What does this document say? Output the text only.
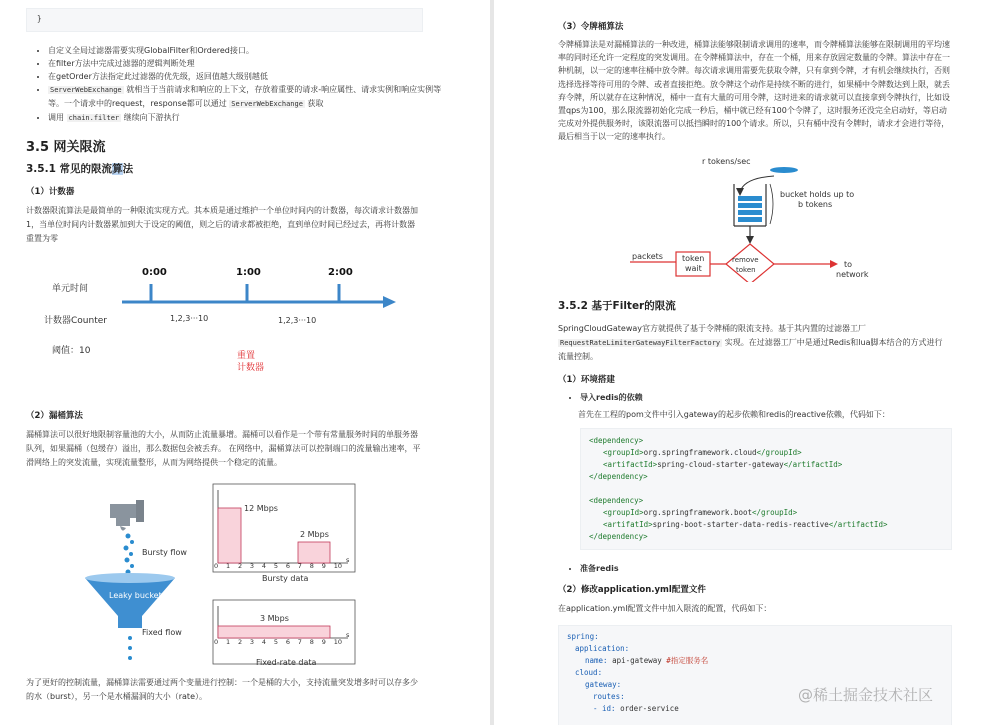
}
• 自定义全局过滤器需要实现GlobalFilter和Ordered接口。
• 在filter方法中完成过滤器的逻辑判断处理
• 在getOrder方法指定此过滤器的优先级，返回值越大级别越低
• ServerWebExchange 就相当于当前请求和响应的上下文，存放着重要的请求-响应属性、请求实例和响应实例等等。一个请求中的request，response都可以通过 ServerWebExchange 获取
• 调用 chain.filter 继续向下游执行
3.5 网关限流
3.5.1 常见的限流算法
（1）计数器
计数器限流算法是最简单的一种限流实现方式。其本质是通过维护一个单位时间内的计数器，每次请求计数器加1，当单位时间内计数器累加到大于设定的阈值，则之后的请求都被拒绝，直到单位时间已经过去，再将计数器重置为零
0:00	1:00	2:00
单元时间
计数器Counter
阈值：10
1,2,3···10	1,2,3···10
重置
计数器
（2）漏桶算法
漏桶算法可以很好地限制容量池的大小，从而防止流量暴增。漏桶可以看作是一个带有常量服务时间的单服务器队列，如果漏桶（包缓存）溢出，那么数据包会被丢弃。 在网络中，漏桶算法可以控制端口的流量输出速率，平滑网络上的突发流量，实现流量整形，从而为网络提供一个稳定的流量。
Bursty flow
Leaky bucket
Fixed flow
12 Mbps
2 Mbps
3 Mbps
0 1 2 3 4 5 6 7 8 9 10
s
Bursty data
0 1 2 3 4 5 6 7 8 9 10
s
Fixed-rate data
为了更好的控制流量，漏桶算法需要通过两个变量进行控制：一个是桶的大小，支持流量突发增多时可以存多少的水（burst），另一个是水桶漏洞的大小（rate）。
（3）令牌桶算法
令牌桶算法是对漏桶算法的一种改进，桶算法能够限制请求调用的速率，而令牌桶算法能够在限制调用的平均速率的同时还允许一定程度的突发调用。在令牌桶算法中，存在一个桶，用来存放固定数量的令牌。算法中存在一种机制，以一定的速率往桶中放令牌。每次请求调用需要先获取令牌，只有拿到令牌，才有机会继续执行，否则选择选择等待可用的令牌、或者直接拒绝。放令牌这个动作是持续不断的进行，如果桶中令牌数达到上限，就丢弃令牌，所以就存在这种情况，桶中一直有大量的可用令牌，这时进来的请求就可以直接拿到令牌执行，比如设置qps为100，那么限流器初始化完成一秒后，桶中就已经有100个令牌了，这时服务还没完全启动好，等启动完成对外提供服务时，该限流器可以抵挡瞬时的100个请求。所以，只有桶中没有令牌时，请求才会进行等待，最后相当于以一定的速率执行。
r tokens/sec
bucket holds up to
b tokens
packets token
wait
remove
token
to
network
3.5.2 基于Filter的限流
SpringCloudGateway官方就提供了基于令牌桶的限流支持。基于其内置的过滤器工厂RequestRateLimiterGatewayFilterFactory 实现。在过滤器工厂中是通过Redis和lua脚本结合的方式进行流量控制。
（1）环境搭建
• 导入redis的依赖
首先在工程的pom文件中引入gateway的起步依赖和redis的reactive依赖，代码如下：
<dependency>
<groupId>org.springframework.cloud</groupId>
<artifactId>spring-cloud-starter-gateway</artifactId>
</dependency>
<dependency>
<groupId>org.springframework.boot</groupId>
<artifatId>spring-boot-starter-data-redis-reactive</artifactId>
</dependency>
• 准备redis
（2）修改application.yml配置文件
在application.yml配置文件中加入限流的配置，代码如下：
spring:
application:
name: api-gateway #指定服务名
cloud:
gateway:
routes:
- id: order-service
@稀土掘金技术社区
